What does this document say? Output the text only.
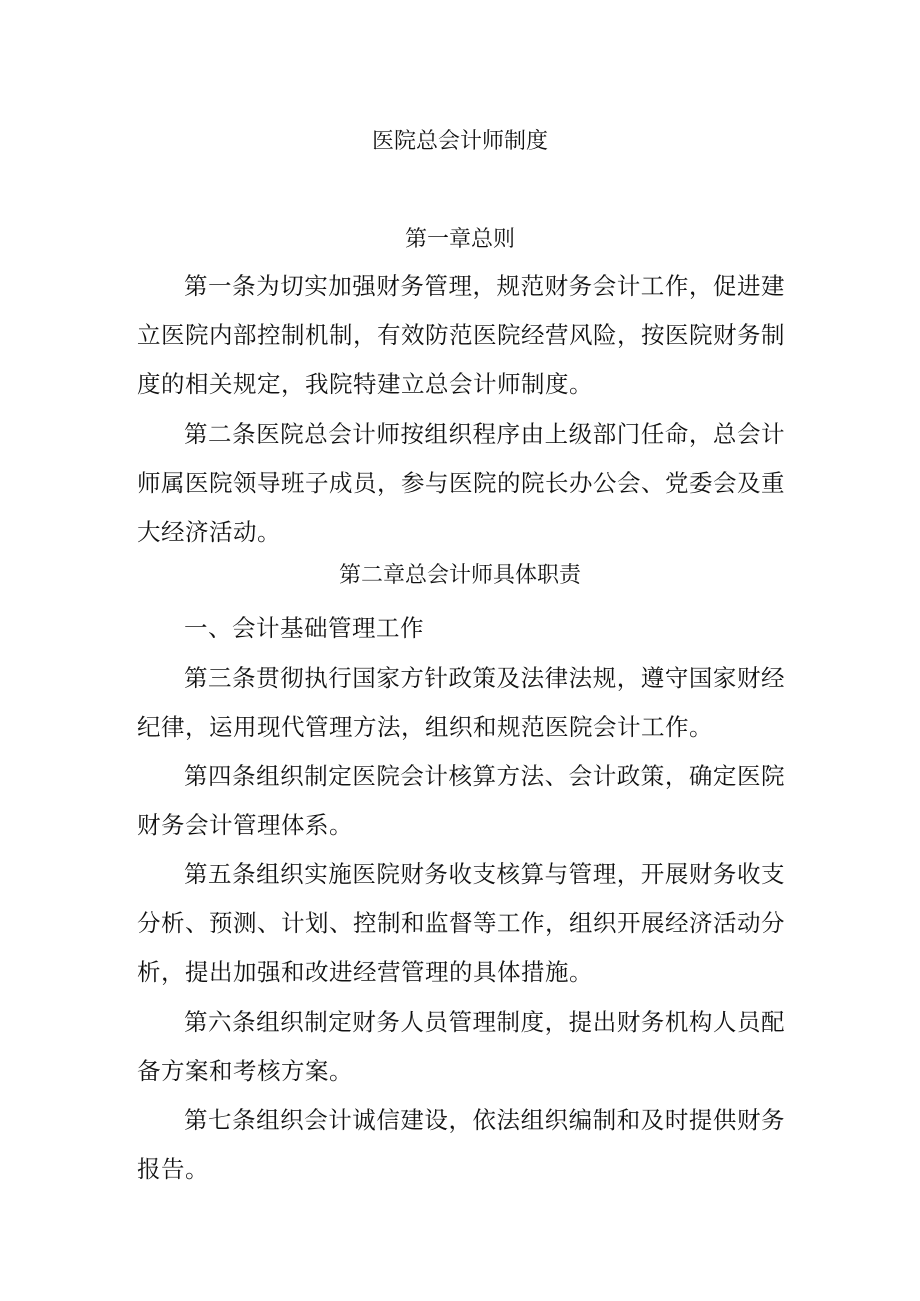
医院总会计师制度
第一章总则

第一条为切实加强财务管理，规范财务会计工作，促进建立医院内部控制机制，有效防范医院经营风险，按医院财务制度的相关规定，我院特建立总会计师制度。

第二条医院总会计师按组织程序由上级部门任命，总会计师属医院领导班子成员，参与医院的院长办公会、党委会及重大经济活动。

第二章总会计师具体职责

一、会计基础管理工作

第三条贯彻执行国家方针政策及法律法规，遵守国家财经纪律，运用现代管理方法，组织和规范医院会计工作。

第四条组织制定医院会计核算方法、会计政策，确定医院财务会计管理体系。

第五条组织实施医院财务收支核算与管理，开展财务收支分析、预测、计划、控制和监督等工作，组织开展经济活动分析，提出加强和改进经营管理的具体措施。

第六条组织制定财务人员管理制度，提出财务机构人员配备方案和考核方案。

第七条组织会计诚信建设，依法组织编制和及时提供财务报告。
